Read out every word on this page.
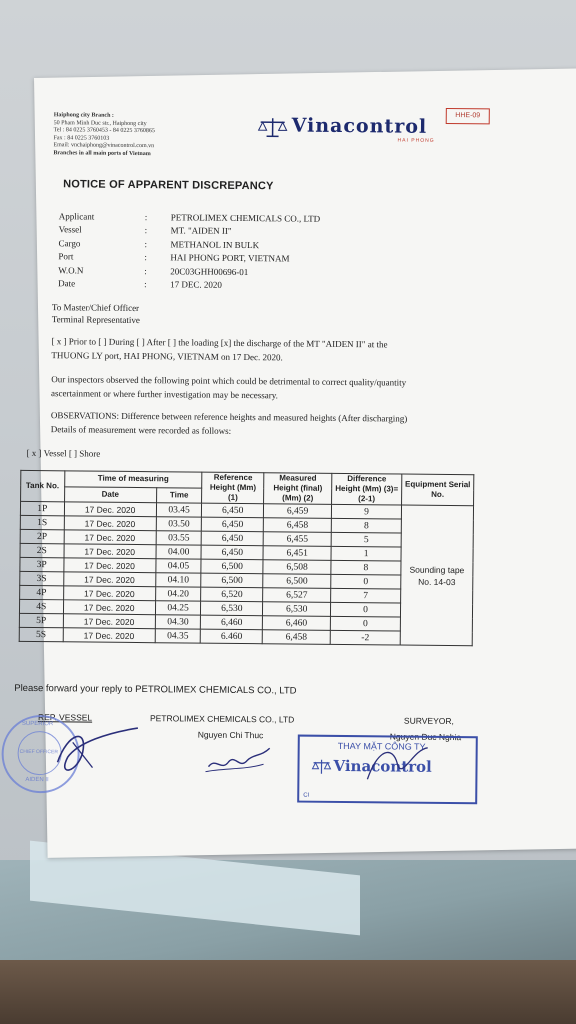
Haiphong city Branch :
50 Pham Minh Duc str., Haiphong city
Tel : 84 0225 3760453 - 84 0225 3760865
Fax : 84 0225 3760103
Email: vnchaiphong@vinacontrol.com.vn
Branches in all main ports of Vietnam
Vinacontrol
HAI PHONG
HHE-09
NOTICE OF APPARENT DISCREPANCY
Applicant	:	PETROLIMEX CHEMICALS CO., LTD
Vessel	:	MT. "AIDEN II"
Cargo	:	METHANOL IN BULK
Port	:	HAI PHONG PORT, VIETNAM
W.O.N	:	20C03GHH00696-01
Date	:	17 DEC. 2020
To Master/Chief Officer
Terminal Representative
[ x ] Prior to [ ] During [ ] After [ ] the loading [x] the discharge of the MT "AIDEN II" at the
THUONG LY port, HAI PHONG, VIETNAM on 17 Dec. 2020.
Our inspectors observed the following point which could be detrimental to correct quality/quantity
ascertainment or where further investigation may be necessary.
OBSERVATIONS: Difference between reference heights and measured heights (After discharging)
Details of measurement were recorded as follows:
[ x ] Vessel [ ] Shore
Tank No.	Time of measuring		Reference Height (Mm) (1)	Measured Height (final) (Mm) (2)	Difference Height (Mm) (3)=(2-1)	Equipment Serial No.
	Date	Time				
1P	17 Dec. 2020	03.45	6,450	6,459	9	Sounding tape No. 14-03
1S	17 Dec. 2020	03.50	6,450	6,458	8	
2P	17 Dec. 2020	03.55	6,450	6,455	5	
2S	17 Dec. 2020	04.00	6,450	6,451	1	
3P	17 Dec. 2020	04.05	6,500	6,508	8	
3S	17 Dec. 2020	04.10	6,500	6,500	0	
4P	17 Dec. 2020	04.20	6,520	6,527	7	
4S	17 Dec. 2020	04.25	6,530	6,530	0	
5P	17 Dec. 2020	04.30	6,460	6,460	0	
5S	17 Dec. 2020	04.35	6.460	6,458	-2	
Please forward your reply to PETROLIMEX CHEMICALS CO., LTD
REP. VESSEL	PETROLIMEX CHEMICALS CO., LTD
Nguyen Chi Thuc
SURVEYOR,
Nguyen Duc Nghia
SUPERIOR
CHIEF OFFICER
AIDEN II
THAY MẶT CÔNG TY
Vinacontrol
CI
